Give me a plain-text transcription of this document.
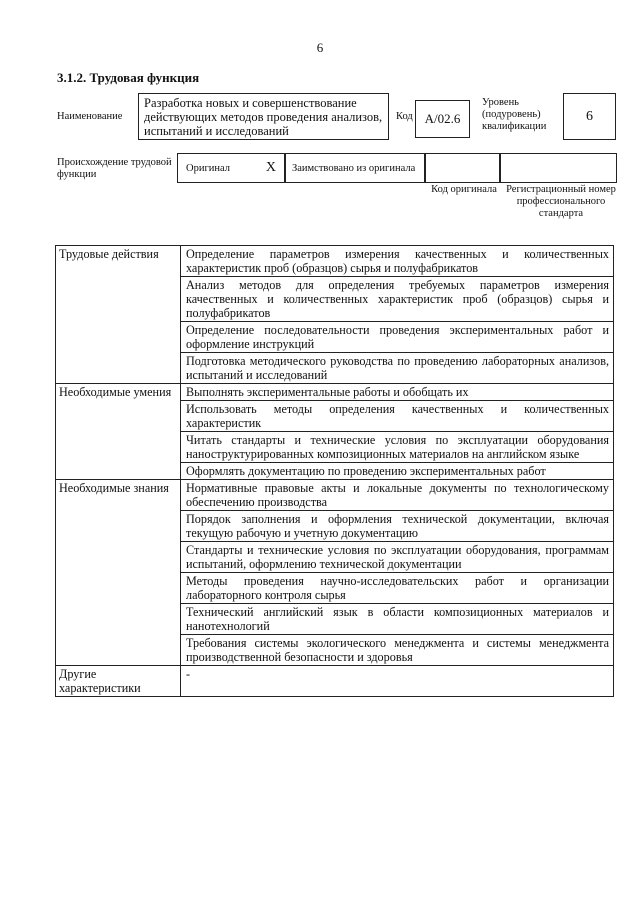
6
3.1.2. Трудовая функция
Наименование
Разработка новых и совершенствование действующих методов проведения анализов, испытаний и исследований
Код А/02.6
Уровень (подуровень) квалификации
6
Происхождение трудовой функции
Оригинал	X Заимствовано из оригинала
Код оригинала Регистрационный номер профессионального стандарта
Трудовые действия	Определение параметров измерения качественных и количественных характеристик проб (образцов) сырья и полуфабрикатов
	Анализ методов для определения требуемых параметров измерения качественных и количественных характеристик проб (образцов) сырья и полуфабрикатов
	Определение последовательности проведения экспериментальных работ и оформление инструкций
	Подготовка методического руководства по проведению лабораторных анализов, испытаний и исследований
Необходимые умения	Выполнять экспериментальные работы и обобщать их
	Использовать методы определения качественных и количественных характеристик
	Читать стандарты и технические условия по эксплуатации оборудования наноструктурированных композиционных материалов на английском языке
	Оформлять документацию по проведению экспериментальных работ
Необходимые знания	Нормативные правовые акты и локальные документы по технологическому обеспечению производства
	Порядок заполнения и оформления технической документации, включая текущую рабочую и учетную документацию
	Стандарты и технические условия по эксплуатации оборудования, программам испытаний, оформлению технической документации
	Методы проведения научно-исследовательских работ и организации лабораторного контроля сырья
	Технический английский язык в области композиционных материалов и нанотехнологий
	Требования системы экологического менеджмента и системы менеджмента производственной безопасности и здоровья
Другие характеристики	-
